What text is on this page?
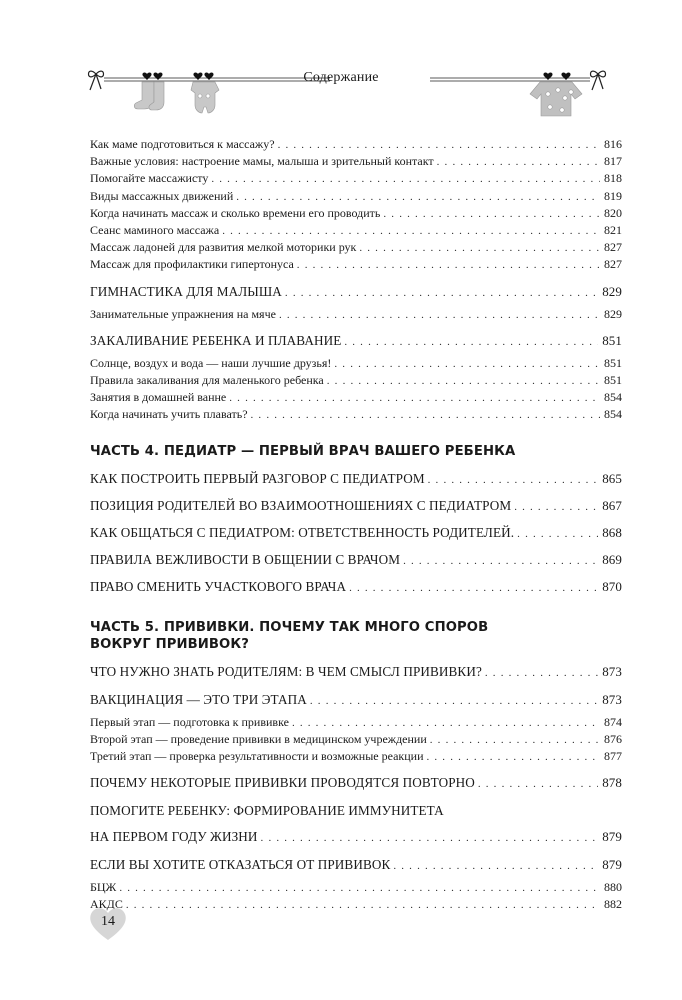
Содержание
Как маме подготовиться к массажу? . . .	816
Важные условия: настроение мамы, малыша и зрительный контакт . . .	817
Помогайте массажисту . . .	818
Виды массажных движений . . .	819
Когда начинать массаж и сколько времени его проводить . . .	820
Сеанс маминого массажа . . .	821
Массаж ладоней для развития мелкой моторики рук . . .	827
Массаж для профилактики гипертонуса . . .	827
ГИМНАСТИКА ДЛЯ МАЛЫША . . .	829
Занимательные упражнения на мяче . . .	829
ЗАКАЛИВАНИЕ РЕБЕНКА И ПЛАВАНИЕ . . .	851
Солнце, воздух и вода — наши лучшие друзья! . . .	851
Правила закаливания для маленького ребенка . . .	851
Занятия в домашней ванне . . .	854
Когда начинать учить плавать? . . .	854
ЧАСТЬ 4. ПЕДИАТР — ПЕРВЫЙ ВРАЧ ВАШЕГО РЕБЕНКА
КАК ПОСТРОИТЬ ПЕРВЫЙ РАЗГОВОР С ПЕДИАТРОМ . . .	865
ПОЗИЦИЯ РОДИТЕЛЕЙ ВО ВЗАИМООТНОШЕНИЯХ С ПЕДИАТРОМ . . .	867
КАК ОБЩАТЬСЯ С ПЕДИАТРОМ: ОТВЕТСТВЕННОСТЬ РОДИТЕЛЕЙ. . . .	868
ПРАВИЛА ВЕЖЛИВОСТИ В ОБЩЕНИИ С ВРАЧОМ . . .	869
ПРАВО СМЕНИТЬ УЧАСТКОВОГО ВРАЧА . . .	870
ЧАСТЬ 5. ПРИВИВКИ. ПОЧЕМУ ТАК МНОГО СПОРОВ
ВОКРУГ ПРИВИВОК?
ЧТО НУЖНО ЗНАТЬ РОДИТЕЛЯМ: В ЧЕМ СМЫСЛ ПРИВИВКИ? . . .	873
ВАКЦИНАЦИЯ — ЭТО ТРИ ЭТАПА . . .	873
Первый этап — подготовка к прививке . . .	874
Второй этап — проведение прививки в медицинском учреждении . . .	876
Третий этап — проверка результативности и возможные реакции . . .	877
ПОЧЕМУ НЕКОТОРЫЕ ПРИВИВКИ ПРОВОДЯТСЯ ПОВТОРНО . . .	878
ПОМОГИТЕ РЕБЕНКУ: ФОРМИРОВАНИЕ ИММУНИТЕТА
НА ПЕРВОМ ГОДУ ЖИЗНИ . . .	879
ЕСЛИ ВЫ ХОТИТЕ ОТКАЗАТЬСЯ ОТ ПРИВИВОК . . .	879
БЦЖ . . .	880
АКДС . . .	882
14
